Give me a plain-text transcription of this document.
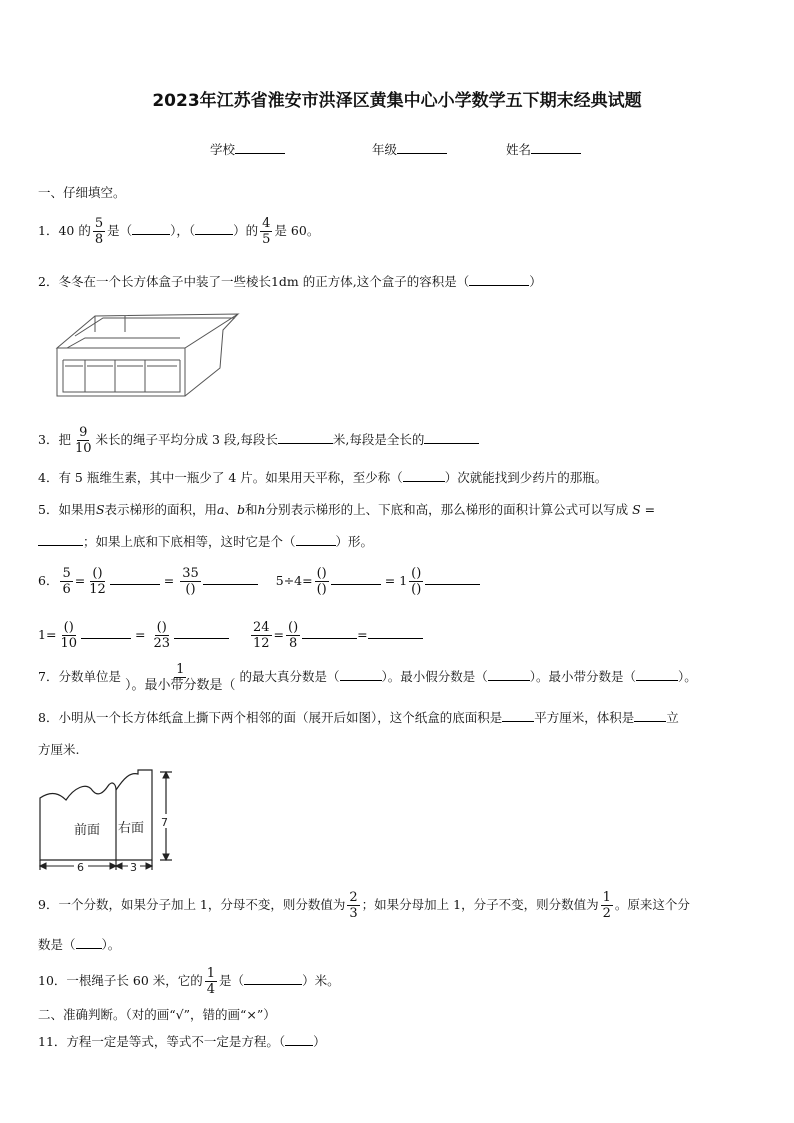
2023年江苏省淮安市洪泽区黄集中心小学数学五下期末经典试题
学校	年级	姓名
一、仔细填空。
1．40 的 $\frac{5}{8}$ 是（	），（	）的 $\frac{4}{5}$ 是 60。
2．冬冬在一个长方体盒子中装了一些棱长1dm 的正方体,这个盒子的容积是（	）
3．把 $\frac{9}{10}$ 米长的绳子平均分成 3 段,每段长	米,每段是全长的
4．有 5 瓶维生素，其中一瓶少了 4 片。如果用天平称，至少称（	）次就能找到少药片的那瓶。
5．如果用S表示梯形的面积，用a、b和h分别表示梯形的上、下底和高，那么梯形的面积计算公式可以写成 S =
；如果上底和下底相等，这时它是个（	）形。
6． $\frac{5}{6} = \frac{()}{12}$	= $\frac{35}{()}$	$5\div 4= \frac{()}{()}$	= $1 \frac{()}{()}$
$1= \frac{()}{10}$	= $\frac{()}{23}$
	$\frac{24}{12} = \frac{()}{8}$	=
7．分数单位是 $\frac{1}{\text{）。最小带分数是（}}$ 的最大真分数是（	）。最小假分数是（	）。最小带分数是（	）。
8．小明从一个长方体纸盒上撕下两个相邻的面（展开后如图），这个纸盒的底面积是	平方厘米，体积是	立
方厘米.
前面 右面
6	3
7
9．一个分数，如果分子加上 1，分母不变，则分数值为 $\frac{2}{3}$ ；如果分母加上 1，分子不变，则分数值为 $\frac{1}{2}$ 。原来这个分
数是（ ）。
10．一根绳子长 60 米，它的 $\frac{1}{4}$ 是（	）米。
二、准确判断。（对的画“√”，错的画“×”）
11．方程一定是等式，等式不一定是方程。（ ）
